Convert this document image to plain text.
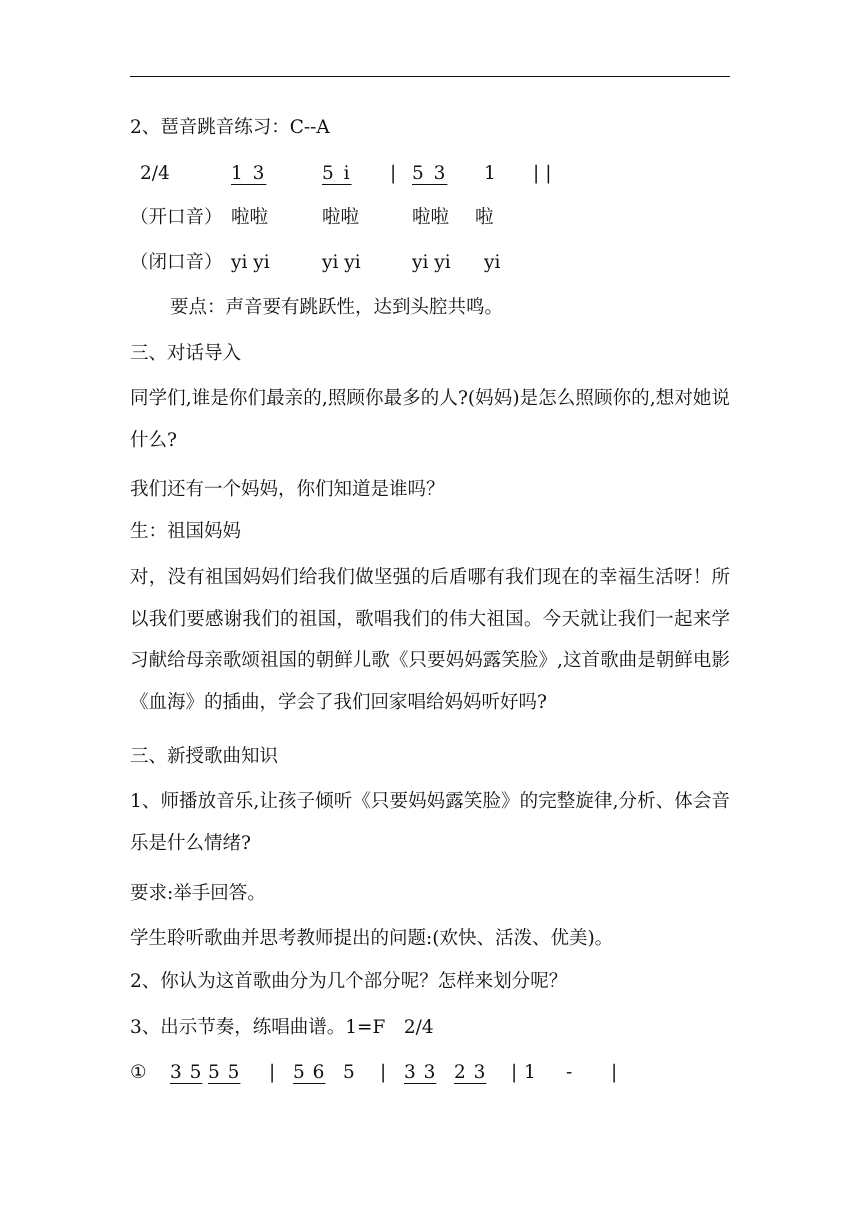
2、琶音跳音练习：C--A
2/4	1 3	5 i | 5 3 1 ||
（开口音） 啦啦	啦啦	啦啦 啦
（闭口音） yi yi	yi yi	yi yi yi
要点：声音要有跳跃性，达到头腔共鸣。
三、对话导入
同学们,谁是你们最亲的,照顾你最多的人?(妈妈)是怎么照顾你的,想对她说什么?
我们还有一个妈妈，你们知道是谁吗？
生：祖国妈妈
对，没有祖国妈妈们给我们做坚强的后盾哪有我们现在的幸福生活呀！所以我们要感谢我们的祖国，歌唱我们的伟大祖国。今天就让我们一起来学习献给母亲歌颂祖国的朝鲜儿歌《只要妈妈露笑脸》,这首歌曲是朝鲜电影《血海》的插曲，学会了我们回家唱给妈妈听好吗?
三、新授歌曲知识
1、师播放音乐,让孩子倾听《只要妈妈露笑脸》的完整旋律,分析、体会音乐是什么情绪?
要求:举手回答。
学生聆听歌曲并思考教师提出的问题:(欢快、活泼、优美)。
2、你认为这首歌曲分为几个部分呢？怎样来划分呢？
3、出示节奏，练唱曲谱。1=F　2/4
① 3 5 5 5 | 5 6 5 | 3 3 2 3 | 1 - |
